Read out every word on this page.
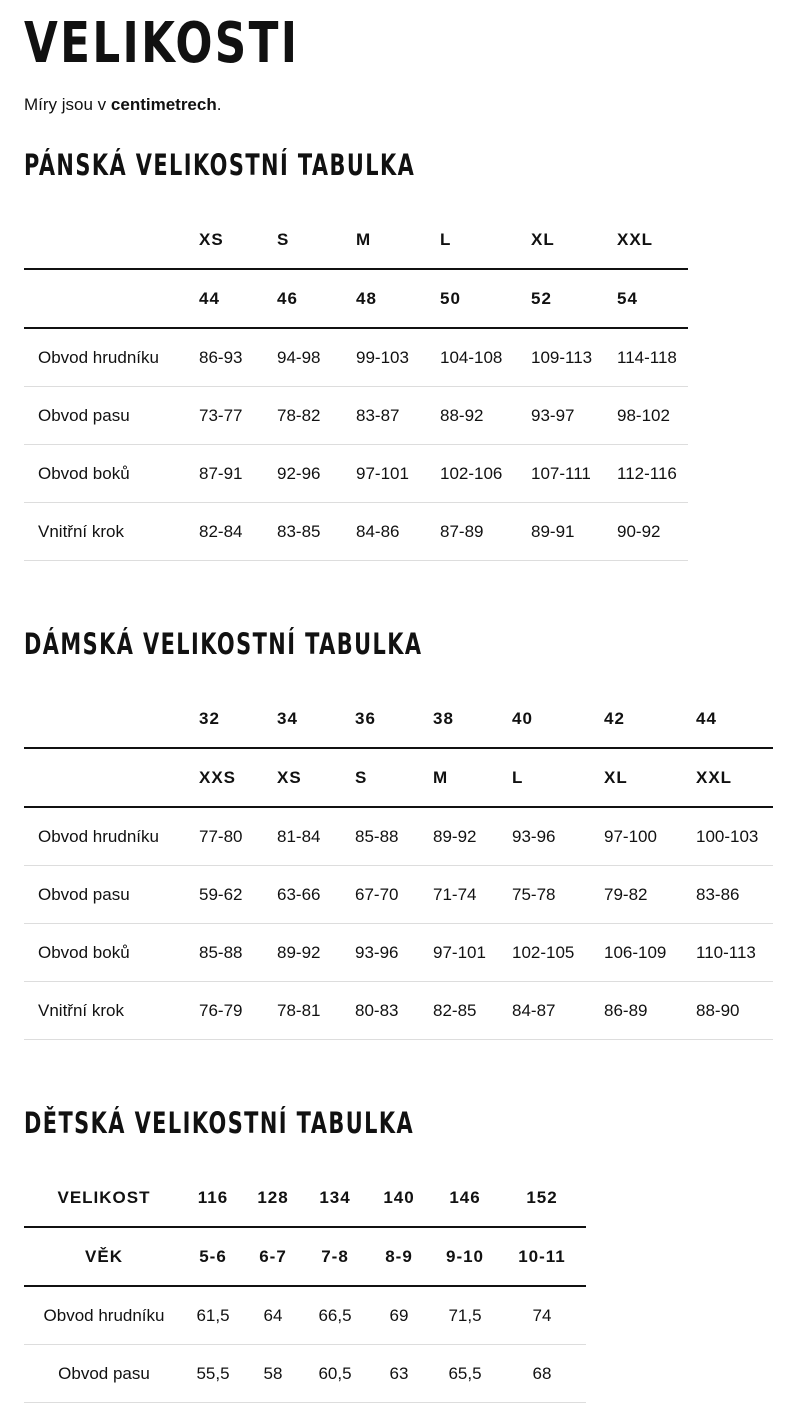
VELIKOSTI

Míry jsou v centimetrech.

PÁNSKÁ VELIKOSTNÍ TABULKA
	XS	S	M	L	XL	XXL
	44	46	48	50	52	54
Obvod hrudníku	86-93	94-98	99-103	104-108	109-113	114-118
Obvod pasu	73-77	78-82	83-87	88-92	93-97	98-102
Obvod boků	87-91	92-96	97-101	102-106	107-111	112-116
Vnitřní krok	82-84	83-85	84-86	87-89	89-91	90-92
DÁMSKÁ VELIKOSTNÍ TABULKA
	32	34	36	38	40	42	44
	XXS	XS	S	M	L	XL	XXL
Obvod hrudníku	77-80	81-84	85-88	89-92	93-96	97-100	100-103
Obvod pasu	59-62	63-66	67-70	71-74	75-78	79-82	83-86
Obvod boků	85-88	89-92	93-96	97-101	102-105	106-109	110-113
Vnitřní krok	76-79	78-81	80-83	82-85	84-87	86-89	88-90
DĚTSKÁ VELIKOSTNÍ TABULKA
VELIKOST	116	128	134	140	146	152
VĚK	5-6	6-7	7-8	8-9	9-10	10-11
Obvod hrudníku	61,5	64	66,5	69	71,5	74
Obvod pasu	55,5	58	60,5	63	65,5	68
